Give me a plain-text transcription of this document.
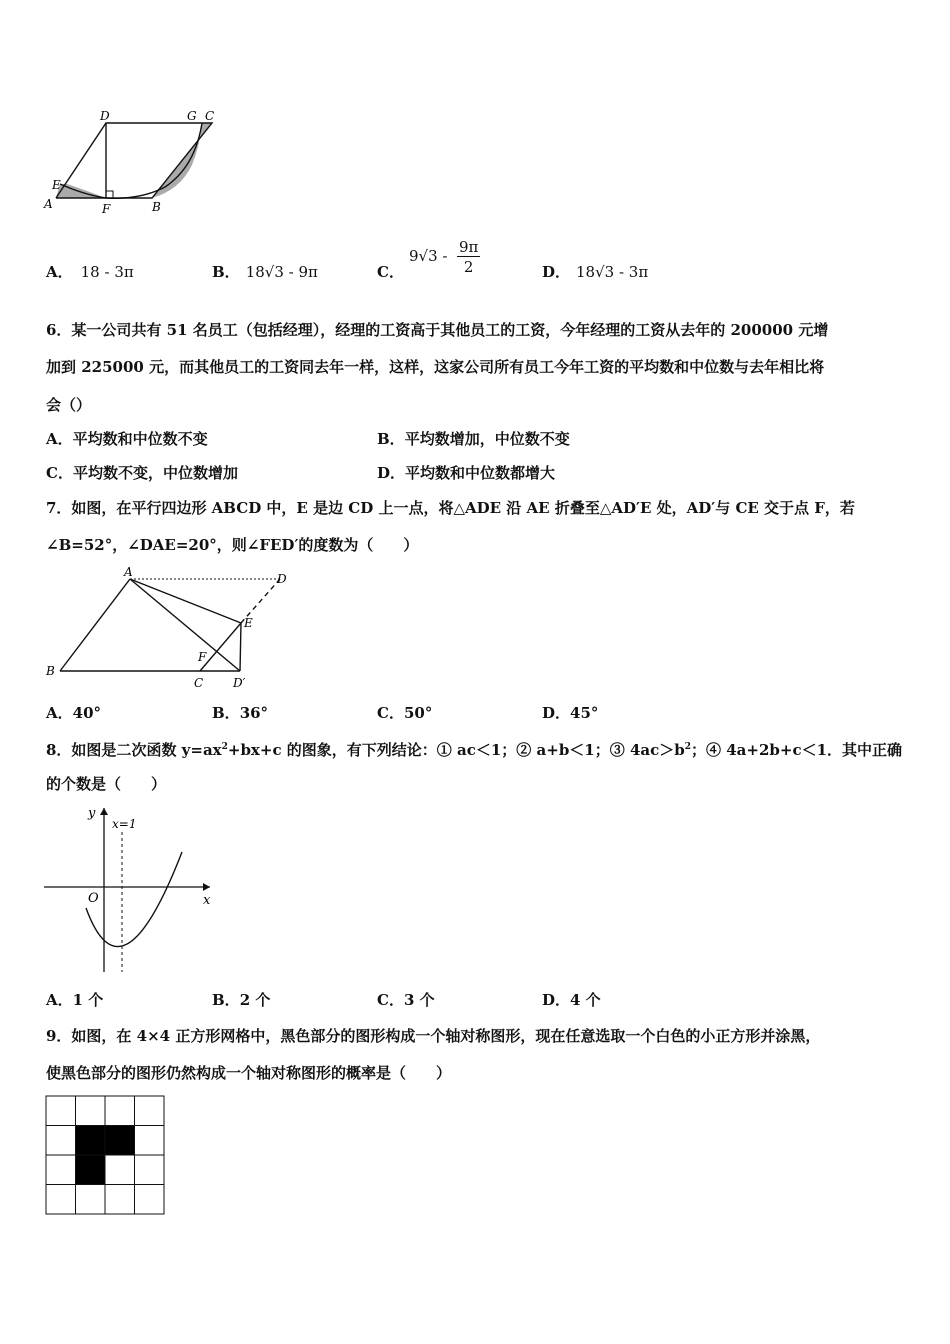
D	G C
E
A	F	B
A． 18 - 3π	B． 18√3 - 9π	C．
9√3 - 9π
2	D． 18√3 - 3π
6．某一公司共有 51 名员工（包括经理），经理的工资高于其他员工的工资，今年经理的工资从去年的 200000 元增
加到 225000 元，而其他员工的工资同去年一样，这样，这家公司所有员工今年工资的平均数和中位数与去年相比将
会（）
A．平均数和中位数不变	B．平均数增加，中位数不变
C．平均数不变，中位数增加	D．平均数和中位数都增大
7．如图，在平行四边形 ABCD 中，E 是边 CD 上一点，将△ADE 沿 AE 折叠至△AD′E 处，AD′与 CE 交于点 F，若
∠B=52°，∠DAE=20°，则∠FED′的度数为（　　）
A	D
E
F
B
C D′
A．40°	B．36°	C．50°	D．45°
8．如图是二次函数 $y=ax^2+bx+c$ 的图象，有下列结论：① ac＜1；② a+b＜1；③ $4ac>b^2$；④ 4a+2b+c＜1．其中正确
的个数是（　　）
y
x=1
O	x
A．1 个	B．2 个	C．3 个	D．4 个
9．如图，在 4×4 正方形网格中，黑色部分的图形构成一个轴对称图形，现在任意选取一个白色的小正方形并涂黑，
使黑色部分的图形仍然构成一个轴对称图形的概率是（　　）
